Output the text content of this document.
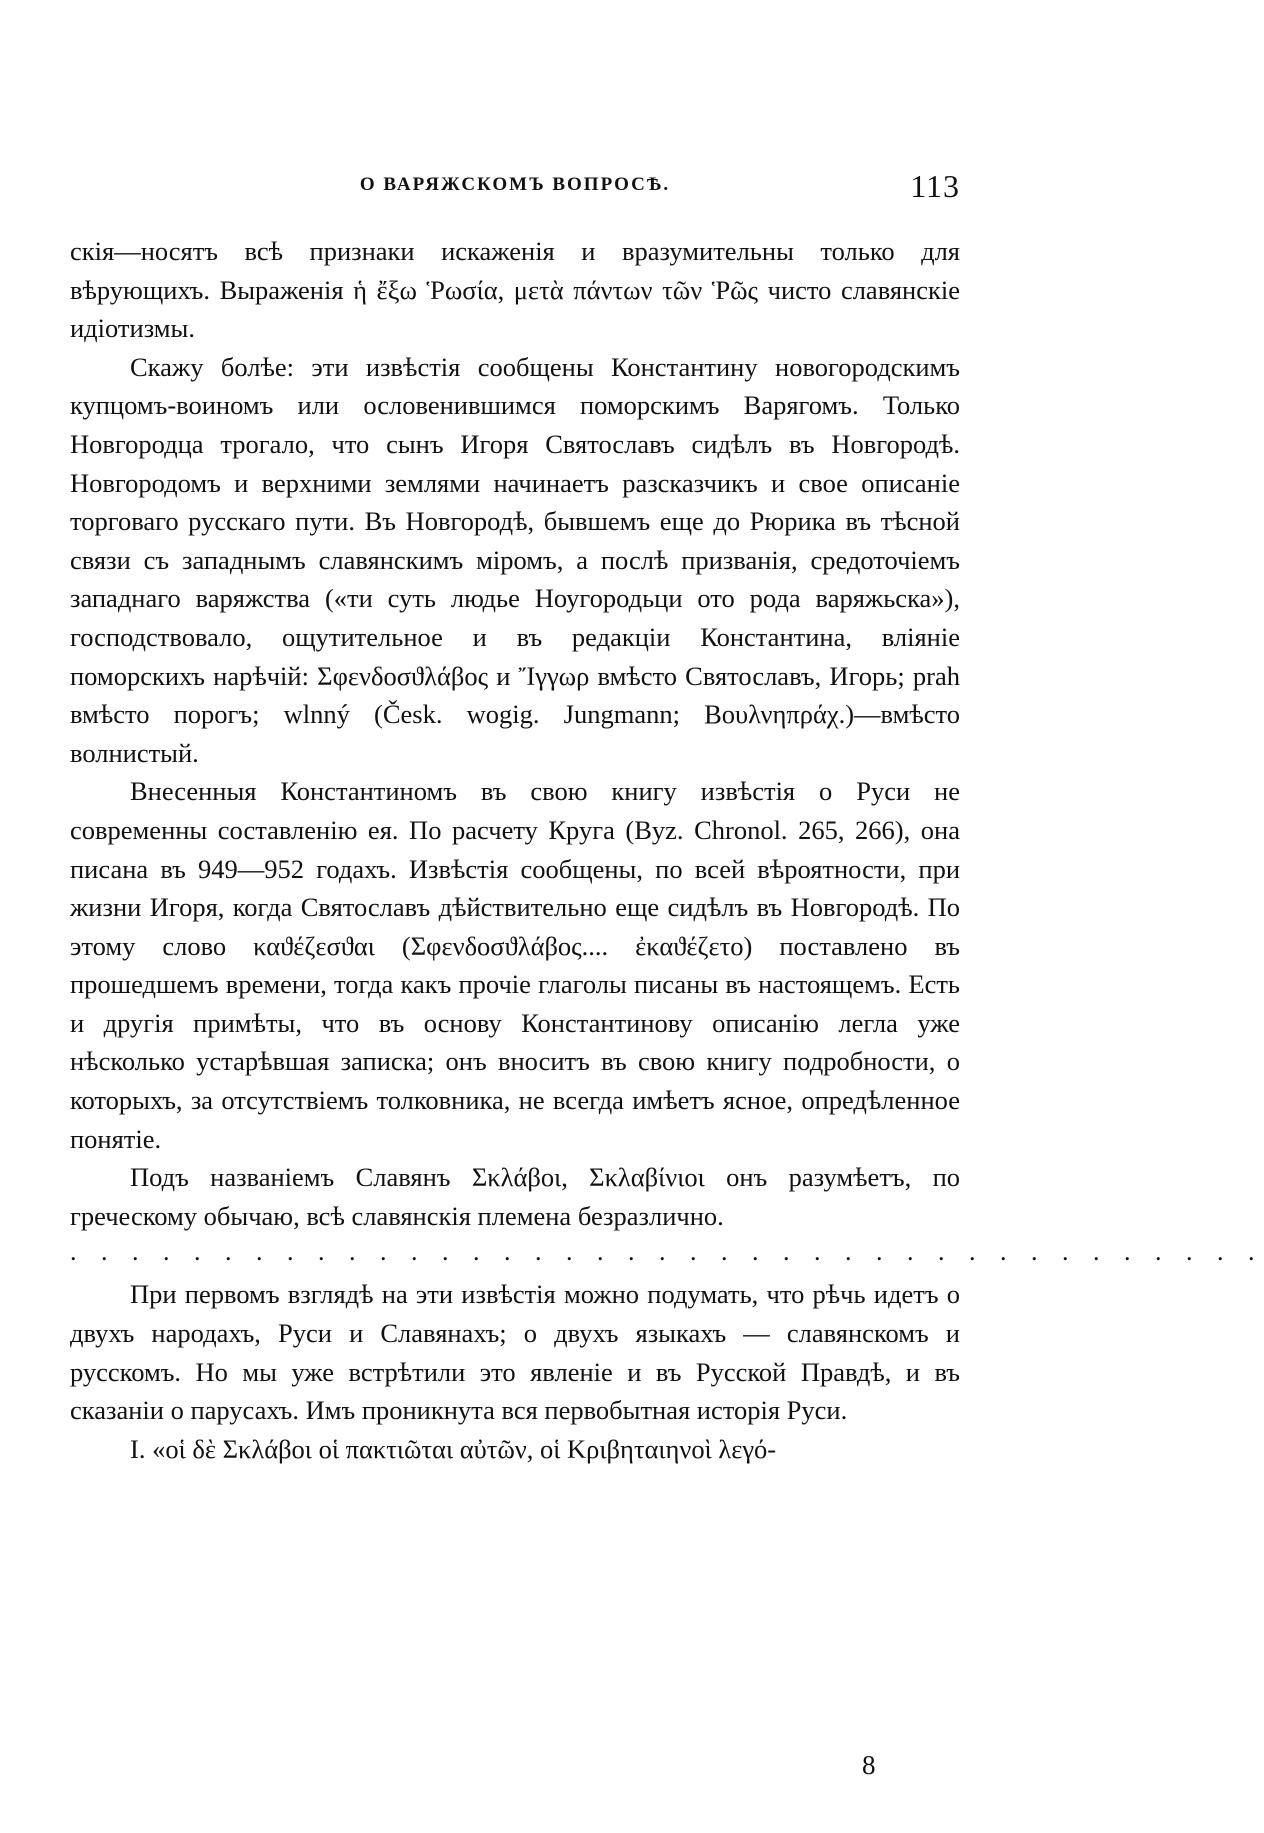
О ВАРЯЖСКОМЪ ВОПРОСѢ.	113

скія—носятъ всѣ признаки искаженія и вразумительны только для вѣрующихъ. Выраженія ἡ ἔξω Ῥωσία, μετὰ πάντων τῶν Ῥῶς чисто славянскіе идіотизмы.

Скажу болѣе: эти извѣстія сообщены Константину новогородскимъ купцомъ-воиномъ или ословенившимся поморскимъ Варягомъ. Только Новгородца трогало, что сынъ Игоря Святославъ сидѣлъ въ Новгородѣ. Новгородомъ и верхними землями начинаетъ разсказчикъ и свое описаніе торговаго русскаго пути. Въ Новгородѣ, бывшемъ еще до Рюрика въ тѣсной связи съ западнымъ славянскимъ міромъ, а послѣ призванія, средоточіемъ западнаго варяжства («ти суть людье Ноугородьци ото рода варяжьска»), господствовало, ощутительное и въ редакціи Константина, вліяніе поморскихъ нарѣчій: Σφενδοσϑλάβος и Ἴγγωρ вмѣсто Святославъ, Игорь; prah вмѣсто порогъ; wlnný (Česk. wogig. Jungmann; Βουλνηπράχ.)—вмѣсто волнистый.

Внесенныя Константиномъ въ свою книгу извѣстія о Руси не современны составленію ея. По расчету Круга (Byz. Chronol. 265, 266), она писана въ 949—952 годахъ. Извѣстія сообщены, по всей вѣроятности, при жизни Игоря, когда Святославъ дѣйствительно еще сидѣлъ въ Новгородѣ. По этому слово καϑέζεσϑαι (Σφενδοσϑλάβος.... ἐκαϑέζετο) поставлено въ прошедшемъ времени, тогда какъ прочіе глаголы писаны въ настоящемъ. Есть и другія примѣты, что въ основу Константинову описанію легла уже нѣсколько устарѣвшая записка; онъ вноситъ въ свою книгу подробности, о которыхъ, за отсутствіемъ толковника, не всегда имѣетъ ясное, опредѣленное понятіе.

Подъ названіемъ Славянъ Σκλάβοι, Σκλαβίνιοι онъ разумѣетъ, по греческому обычаю, всѣ славянскія племена безразлично.

. . . . . . . . . . . . . . . . . . . . . . . . . . . . . . . . . . . . . . .

При первомъ взглядѣ на эти извѣстія можно подумать, что рѣчь идетъ о двухъ народахъ, Руси и Славянахъ; о двухъ языкахъ — славянскомъ и русскомъ. Но мы уже встрѣтили это явленіе и въ Русской Правдѣ, и въ сказаніи о парусахъ. Имъ проникнута вся первобытная исторія Руси.

I. «οἱ δὲ Σκλάβοι οἱ πακτιῶται αὐτῶν, οἱ Κριβηταιηνοὶ λεγό-

8
